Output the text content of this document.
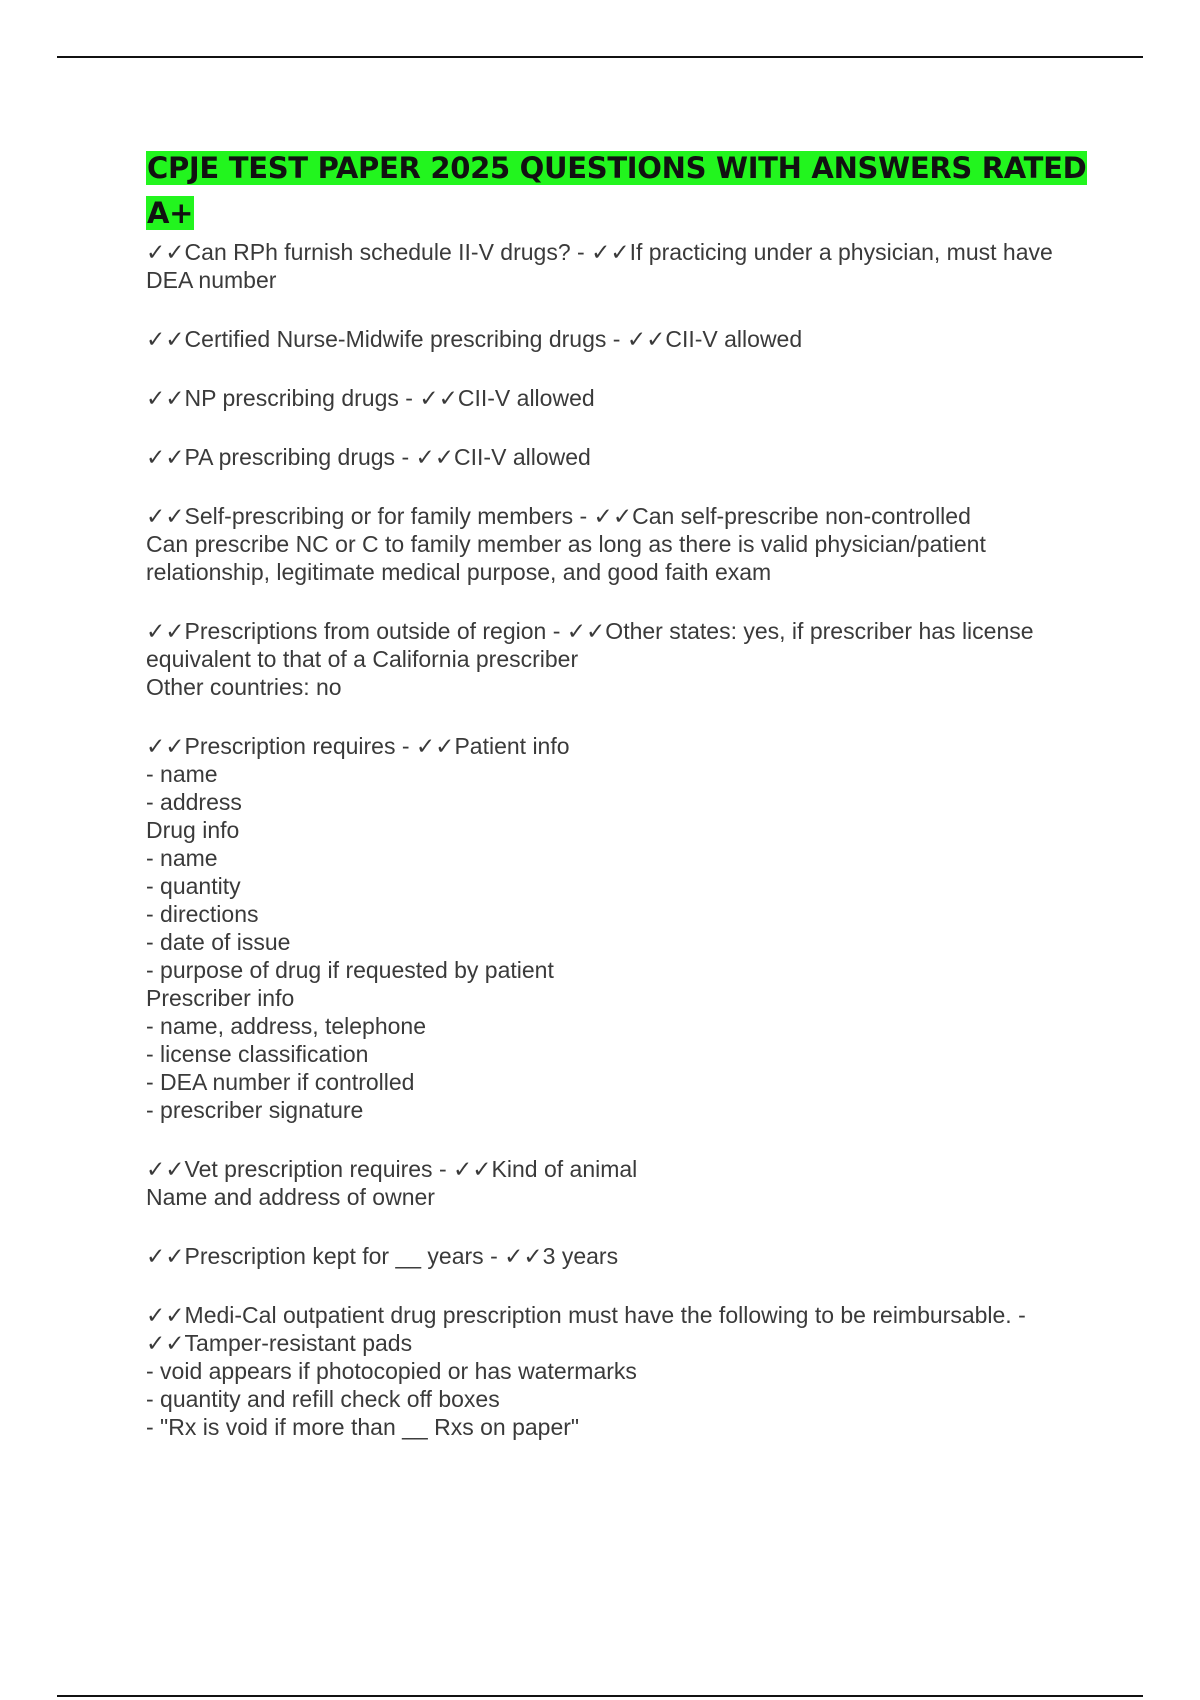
CPJE TEST PAPER 2025 QUESTIONS WITH ANSWERS RATED A+
✓✓Can RPh furnish schedule II-V drugs? - ✓✓If practicing under a physician, must have DEA number
✓✓Certified Nurse-Midwife prescribing drugs - ✓✓CII-V allowed
✓✓NP prescribing drugs - ✓✓CII-V allowed
✓✓PA prescribing drugs - ✓✓CII-V allowed
✓✓Self-prescribing or for family members - ✓✓Can self-prescribe non-controlled
Can prescribe NC or C to family member as long as there is valid physician/patient relationship, legitimate medical purpose, and good faith exam
✓✓Prescriptions from outside of region - ✓✓Other states: yes, if prescriber has license equivalent to that of a California prescriber
Other countries: no
✓✓Prescription requires - ✓✓Patient info
- name
- address
Drug info
- name
- quantity
- directions
- date of issue
- purpose of drug if requested by patient
Prescriber info
- name, address, telephone
- license classification
- DEA number if controlled
- prescriber signature
✓✓Vet prescription requires - ✓✓Kind of animal
Name and address of owner
✓✓Prescription kept for __ years - ✓✓3 years
✓✓Medi-Cal outpatient drug prescription must have the following to be reimbursable. - ✓✓Tamper-resistant pads
- void appears if photocopied or has watermarks
- quantity and refill check off boxes
- "Rx is void if more than __ Rxs on paper"
